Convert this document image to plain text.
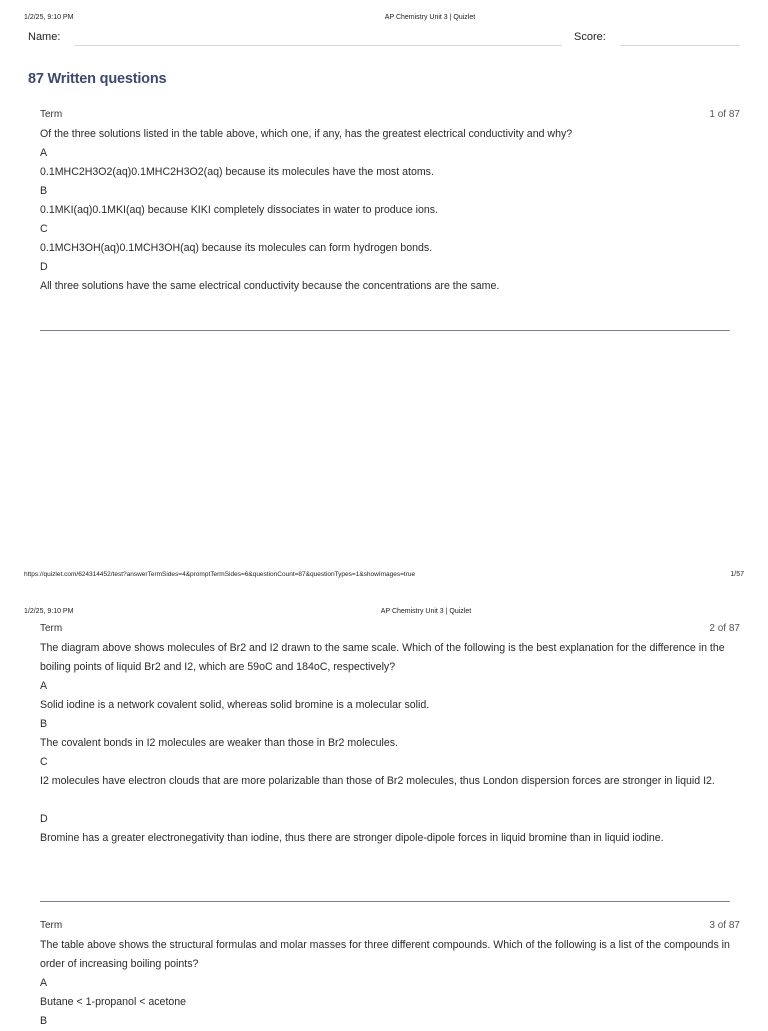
1/2/25, 9:10 PM	AP Chemistry Unit 3 | Quizlet
Name:	Score:
87 Written questions
Term	1 of 87
Of the three solutions listed in the table above, which one, if any, has the greatest electrical conductivity and why?
A
0.1MHC2H3O2(aq)0.1MHC2H3O2(aq) because its molecules have the most atoms.
B
0.1MKI(aq)0.1MKI(aq) because KIKI completely dissociates in water to produce ions.
C
0.1MCH3OH(aq)0.1MCH3OH(aq) because its molecules can form hydrogen bonds.
D
All three solutions have the same electrical conductivity because the concentrations are the same.
https://quizlet.com/624314452/test?answerTermSides=4&promptTermSides=6&questionCount=87&questionTypes=1&showImages=true	1/57
1/2/25, 9:10 PM	AP Chemistry Unit 3 | Quizlet
Term	2 of 87
The diagram above shows molecules of Br2 and I2 drawn to the same scale. Which of the following is the best explanation for the difference in the boiling points of liquid Br2 and I2, which are 59oC and 184oC, respectively?
A
Solid iodine is a network covalent solid, whereas solid bromine is a molecular solid.
B
The covalent bonds in I2 molecules are weaker than those in Br2 molecules.
C
I2 molecules have electron clouds that are more polarizable than those of Br2 molecules, thus London dispersion forces are stronger in liquid I2.
D
Bromine has a greater electronegativity than iodine, thus there are stronger dipole-dipole forces in liquid bromine than in liquid iodine.
Term	3 of 87
The table above shows the structural formulas and molar masses for three different compounds. Which of the following is a list of the compounds in order of increasing boiling points?
A
Butane < 1-propanol < acetone
B
